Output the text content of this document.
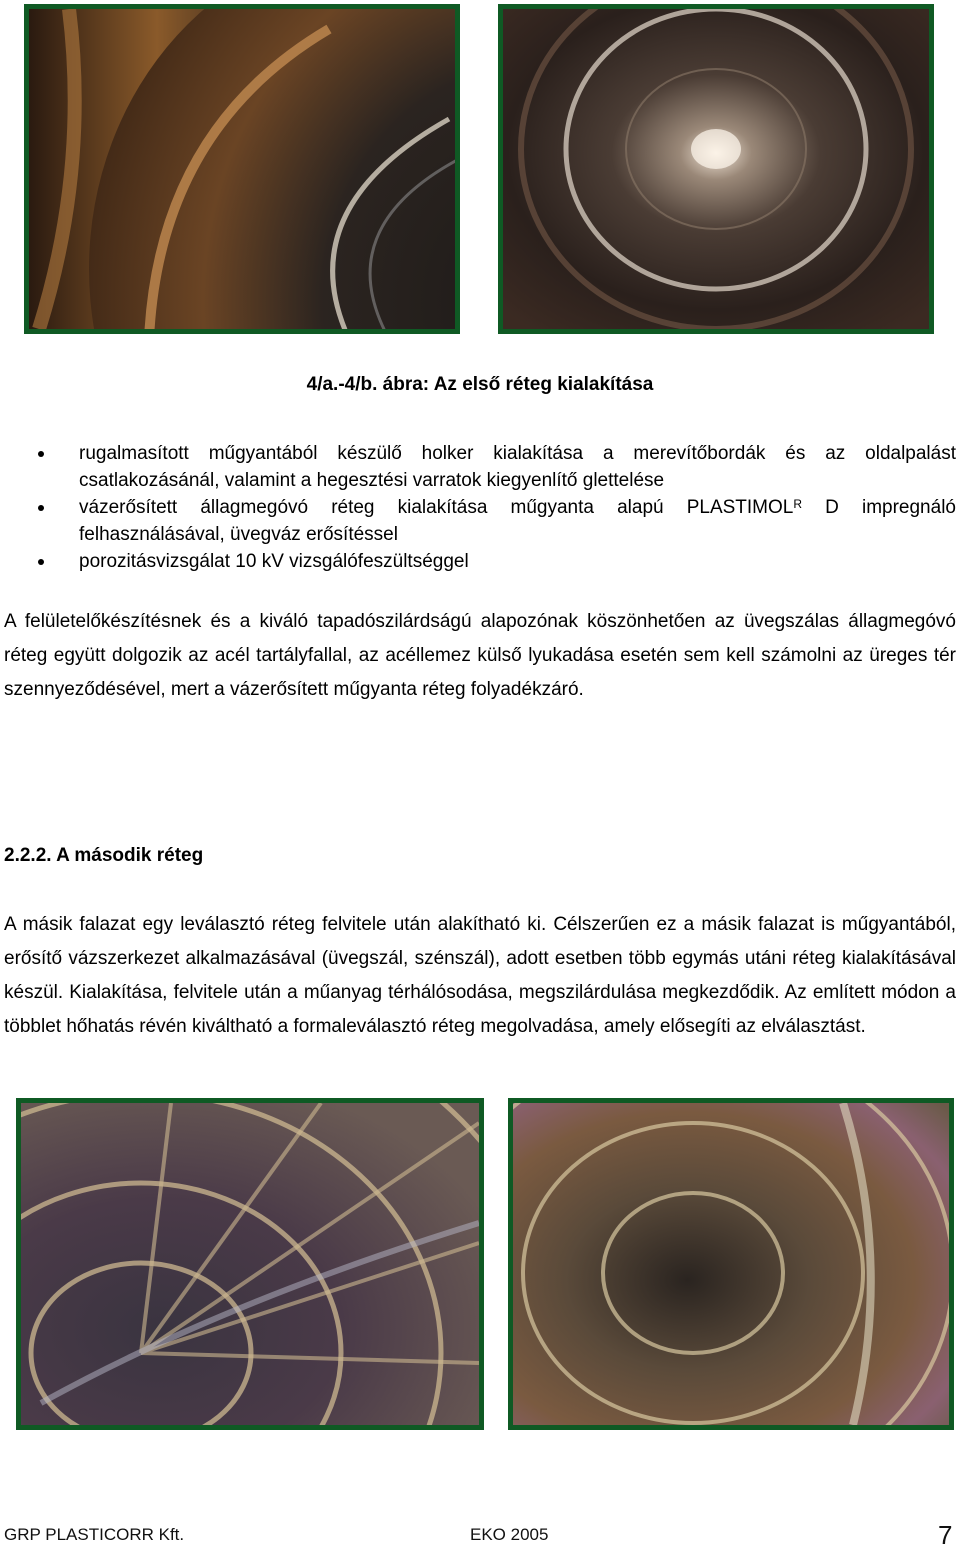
4/a.-4/b. ábra: Az első réteg kialakítása
rugalmasított műgyantából készülő holker kialakítása a merevítőbordák és az oldalpalást csatlakozásánál, valamint a hegesztési varratok kiegyenlítő glettelése
vázerősített állagmegóvó réteg kialakítása műgyanta alapú $PLASTIMOL^R$ D impregnáló felhasználásával, üvegváz erősítéssel
porozitásvizsgálat 10 kV vizsgálófeszültséggel

A felületelőkészítésnek és a kiváló tapadószilárdságú alapozónak köszönhetően az üvegszálas állagmegóvó réteg együtt dolgozik az acél tartályfallal, az acéllemez külső lyukadása esetén sem kell számolni az üreges tér szennyeződésével, mert a vázerősített műgyanta réteg folyadékzáró.

2.2.2. A második réteg

A másik falazat egy leválasztó réteg felvitele után alakítható ki. Célszerűen ez a másik falazat is műgyantából, erősítő vázszerkezet alkalmazásával (üvegszál, szénszál), adott esetben több egymás utáni réteg kialakításával készül. Kialakítása, felvitele után a műanyag térhálósodása, megszilárdulása megkezdődik. Az említett módon a többlet hőhatás révén kiváltható a formaleválasztó réteg megolvadása, amely elősegíti az elválasztást.

GRP PLASTICORR Kft.	EKO 2005	7
